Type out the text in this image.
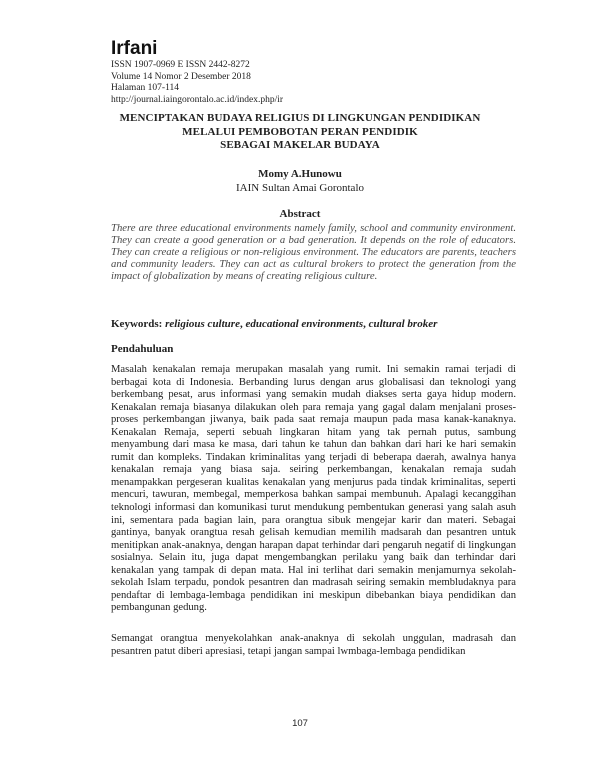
Irfani
ISSN 1907-0969 E ISSN 2442-8272
Volume 14 Nomor 2 Desember 2018
Halaman 107-114
http://journal.iaingorontalo.ac.id/index.php/ir
MENCIPTAKAN BUDAYA RELIGIUS DI LINGKUNGAN PENDIDIKAN
MELALUI PEMBOBOTAN PERAN PENDIDIK
SEBAGAI MAKELAR BUDAYA
Momy A.Hunowu
IAIN Sultan Amai Gorontalo
Abstract

There are three educational environments namely family, school and community environment. They can create a good generation or a bad generation. It depends on the role of educators. They can create a religious or non-religious environment. The educators are parents, teachers and community leaders. They can act as cultural brokers to protect the generation from the impact of globalization by means of creating religious culture.

Keywords: religious culture, educational environments, cultural broker
Pendahuluan

Masalah kenakalan remaja merupakan masalah yang rumit. Ini semakin ramai terjadi di berbagai kota di Indonesia. Berbanding lurus dengan arus globalisasi dan teknologi yang berkembang pesat, arus informasi yang semakin mudah diakses serta gaya hidup modern. Kenakalan remaja biasanya dilakukan oleh para remaja yang gagal dalam menjalani proses-proses perkembangan jiwanya, baik pada saat remaja maupun pada masa kanak-kanaknya. Kenakalan Remaja, seperti sebuah lingkaran hitam yang tak pernah putus, sambung menyambung dari masa ke masa, dari tahun ke tahun dan bahkan dari hari ke hari semakin rumit dan kompleks. Tindakan kriminalitas yang terjadi di beberapa daerah, awalnya hanya kenakalan remaja yang biasa saja. seiring perkembangan, kenakalan remaja sudah menampakkan pergeseran kualitas kenakalan yang menjurus pada tindak kriminalitas, seperti mencuri, tawuran, membegal, memperkosa bahkan sampai membunuh. Apalagi kecanggihan teknologi informasi dan komunikasi turut mendukung pembentukan generasi yang salah asuh ini, sementara pada bagian lain, para orangtua sibuk mengejar karir dan materi. Sebagai gantinya, banyak orangtua resah gelisah kemudian memilih madsarah dan pesantren untuk menitipkan anak-anaknya, dengan harapan dapat terhindar dari pengaruh negatif di lingkungan sosialnya. Selain itu, juga dapat mengembangkan perilaku yang baik dan terhindar dari kenakalan yang tampak di depan mata. Hal ini terlihat dari semakin menjamurnya sekolah-sekolah Islam terpadu, pondok pesantren dan madrasah seiring semakin membludaknya para pendaftar di lembaga-lembaga pendidikan ini meskipun dibebankan biaya pendidikan dan pembangunan gedung.

Semangat orangtua menyekolahkan anak-anaknya di sekolah unggulan, madrasah dan pesantren patut diberi apresiasi, tetapi jangan sampai lwmbaga-lembaga pendidikan

107
